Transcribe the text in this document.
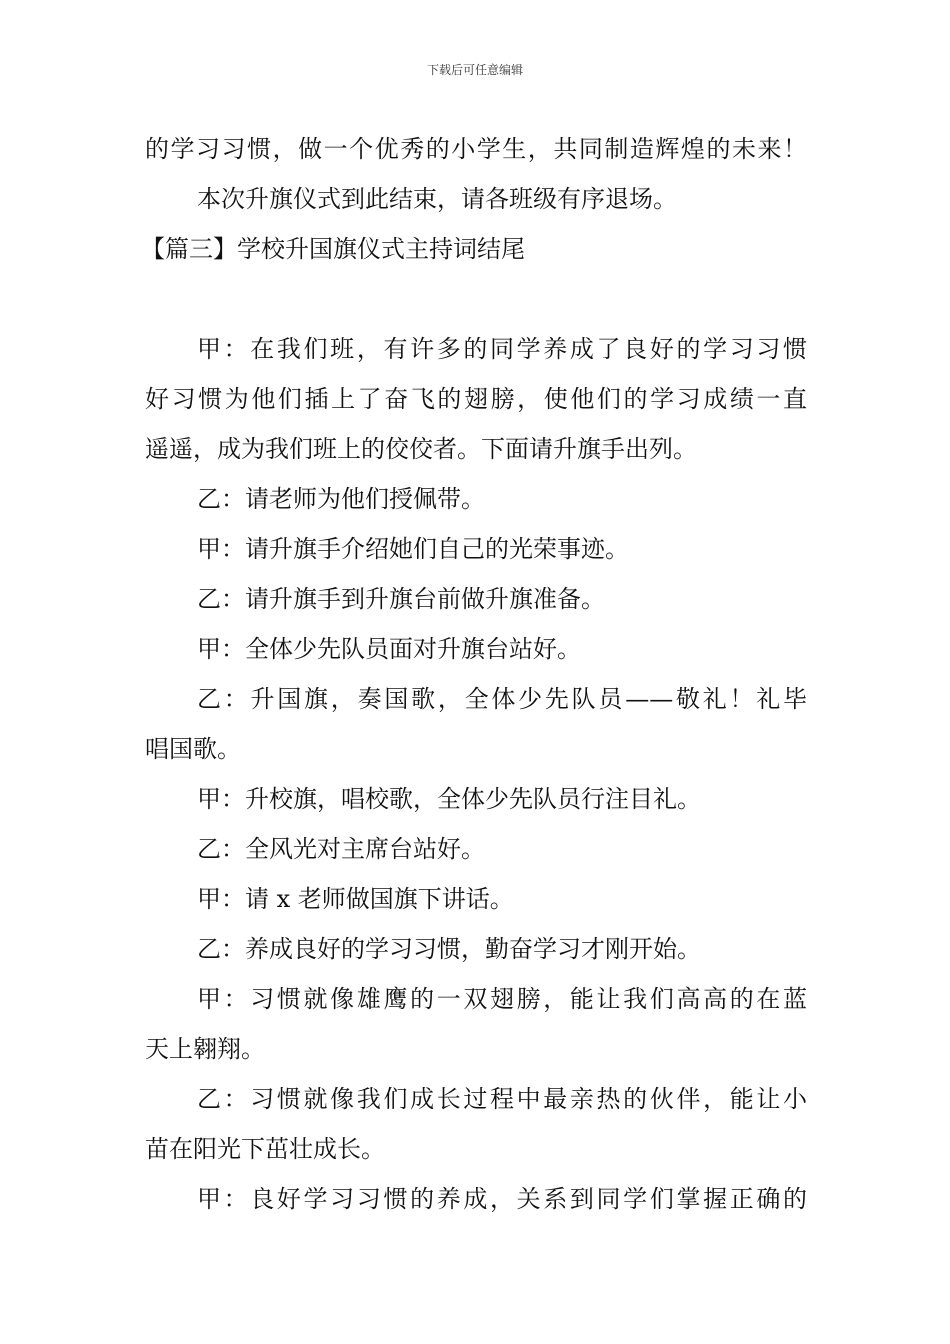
下载后可任意编辑
的学习习惯，做一个优秀的小学生，共同制造辉煌的未来！
本次升旗仪式到此结束，请各班级有序退场。
【篇三】学校升国旗仪式主持词结尾
甲：在我们班，有许多的同学养成了良好的学习习惯
好习惯为他们插上了奋飞的翅膀，使他们的学习成绩一直
遥遥，成为我们班上的佼佼者。下面请升旗手出列。
乙：请老师为他们授佩带。
甲：请升旗手介绍她们自己的光荣事迹。
乙：请升旗手到升旗台前做升旗准备。
甲：全体少先队员面对升旗台站好。
乙：升国旗，奏国歌，全体少先队员——敬礼！礼毕
唱国歌。
甲：升校旗，唱校歌，全体少先队员行注目礼。
乙：全风光对主席台站好。
甲：请 x 老师做国旗下讲话。
乙：养成良好的学习习惯，勤奋学习才刚开始。
甲：习惯就像雄鹰的一双翅膀，能让我们高高的在蓝
天上翱翔。
乙：习惯就像我们成长过程中最亲热的伙伴，能让小
苗在阳光下茁壮成长。
甲：良好学习习惯的养成，关系到同学们掌握正确的
